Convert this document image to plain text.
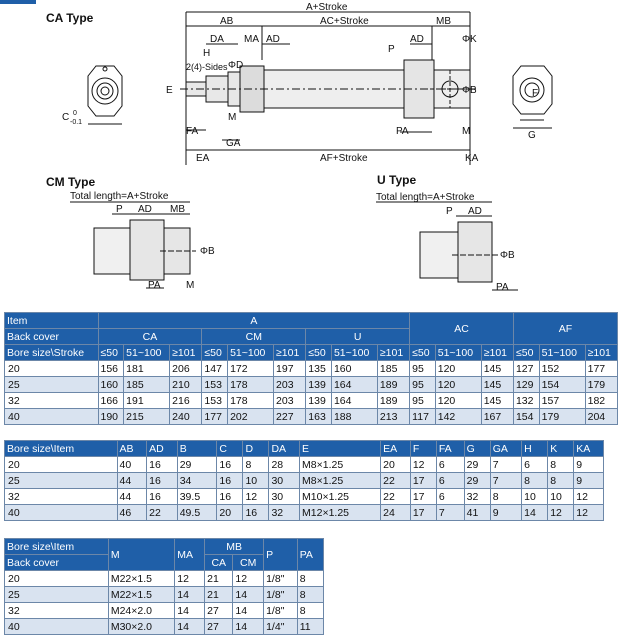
CA Type
C 0
-0.1
A+Stroke
AB	AC+Stroke	MB
DA MA AD	AD	ΦK
P
H
2(4)-Sides ΦD
E	ΦB
FA
GA
M
PA	M
EA	AF+Stroke	KA
F
G
CM Type
Total length=A+Stroke
P AD MB
ΦB
PA	M
U Type
Total length=A+Stroke
P AD
ΦB
PA
Item	A									AC			AF		
Back cover	CA			CM			U								
Bore size\Stroke	≤50	51~100	≥101	≤50	51~100	≥101	≤50	51~100	≥101	≤50	51~100	≥101	≤50	51~100	≥101
20	156	181	206	147	172	197	135	160	185	95	120	145	127	152	177
25	160	185	210	153	178	203	139	164	189	95	120	145	129	154	179
32	166	191	216	153	178	203	139	164	189	95	120	145	132	157	182
40	190	215	240	177	202	227	163	188	213	117	142	167	154	179	204
Bore size\Item	AB	AD	B	C	D	DA	E	EA	F	FA	G	GA	H	K	KA
20	40	16	29	16	8	28	M8×1.25	20	12	6	29	7	6	8	9
25	44	16	34	16	10	30	M8×1.25	22	17	6	29	7	8	8	9
32	44	16	39.5	16	12	30	M10×1.25	22	17	6	32	8	10	10	12
40	46	22	49.5	20	16	32	M12×1.25	24	17	7	41	9	14	12	12
Bore size\Item	M	MA	MB		P	PA
Back cover			CA	CM		
20	M22×1.5	12	21	12	1/8"	8
25	M22×1.5	14	21	14	1/8"	8
32	M24×2.0	14	27	14	1/8"	8
40	M30×2.0	14	27	14	1/4"	11
